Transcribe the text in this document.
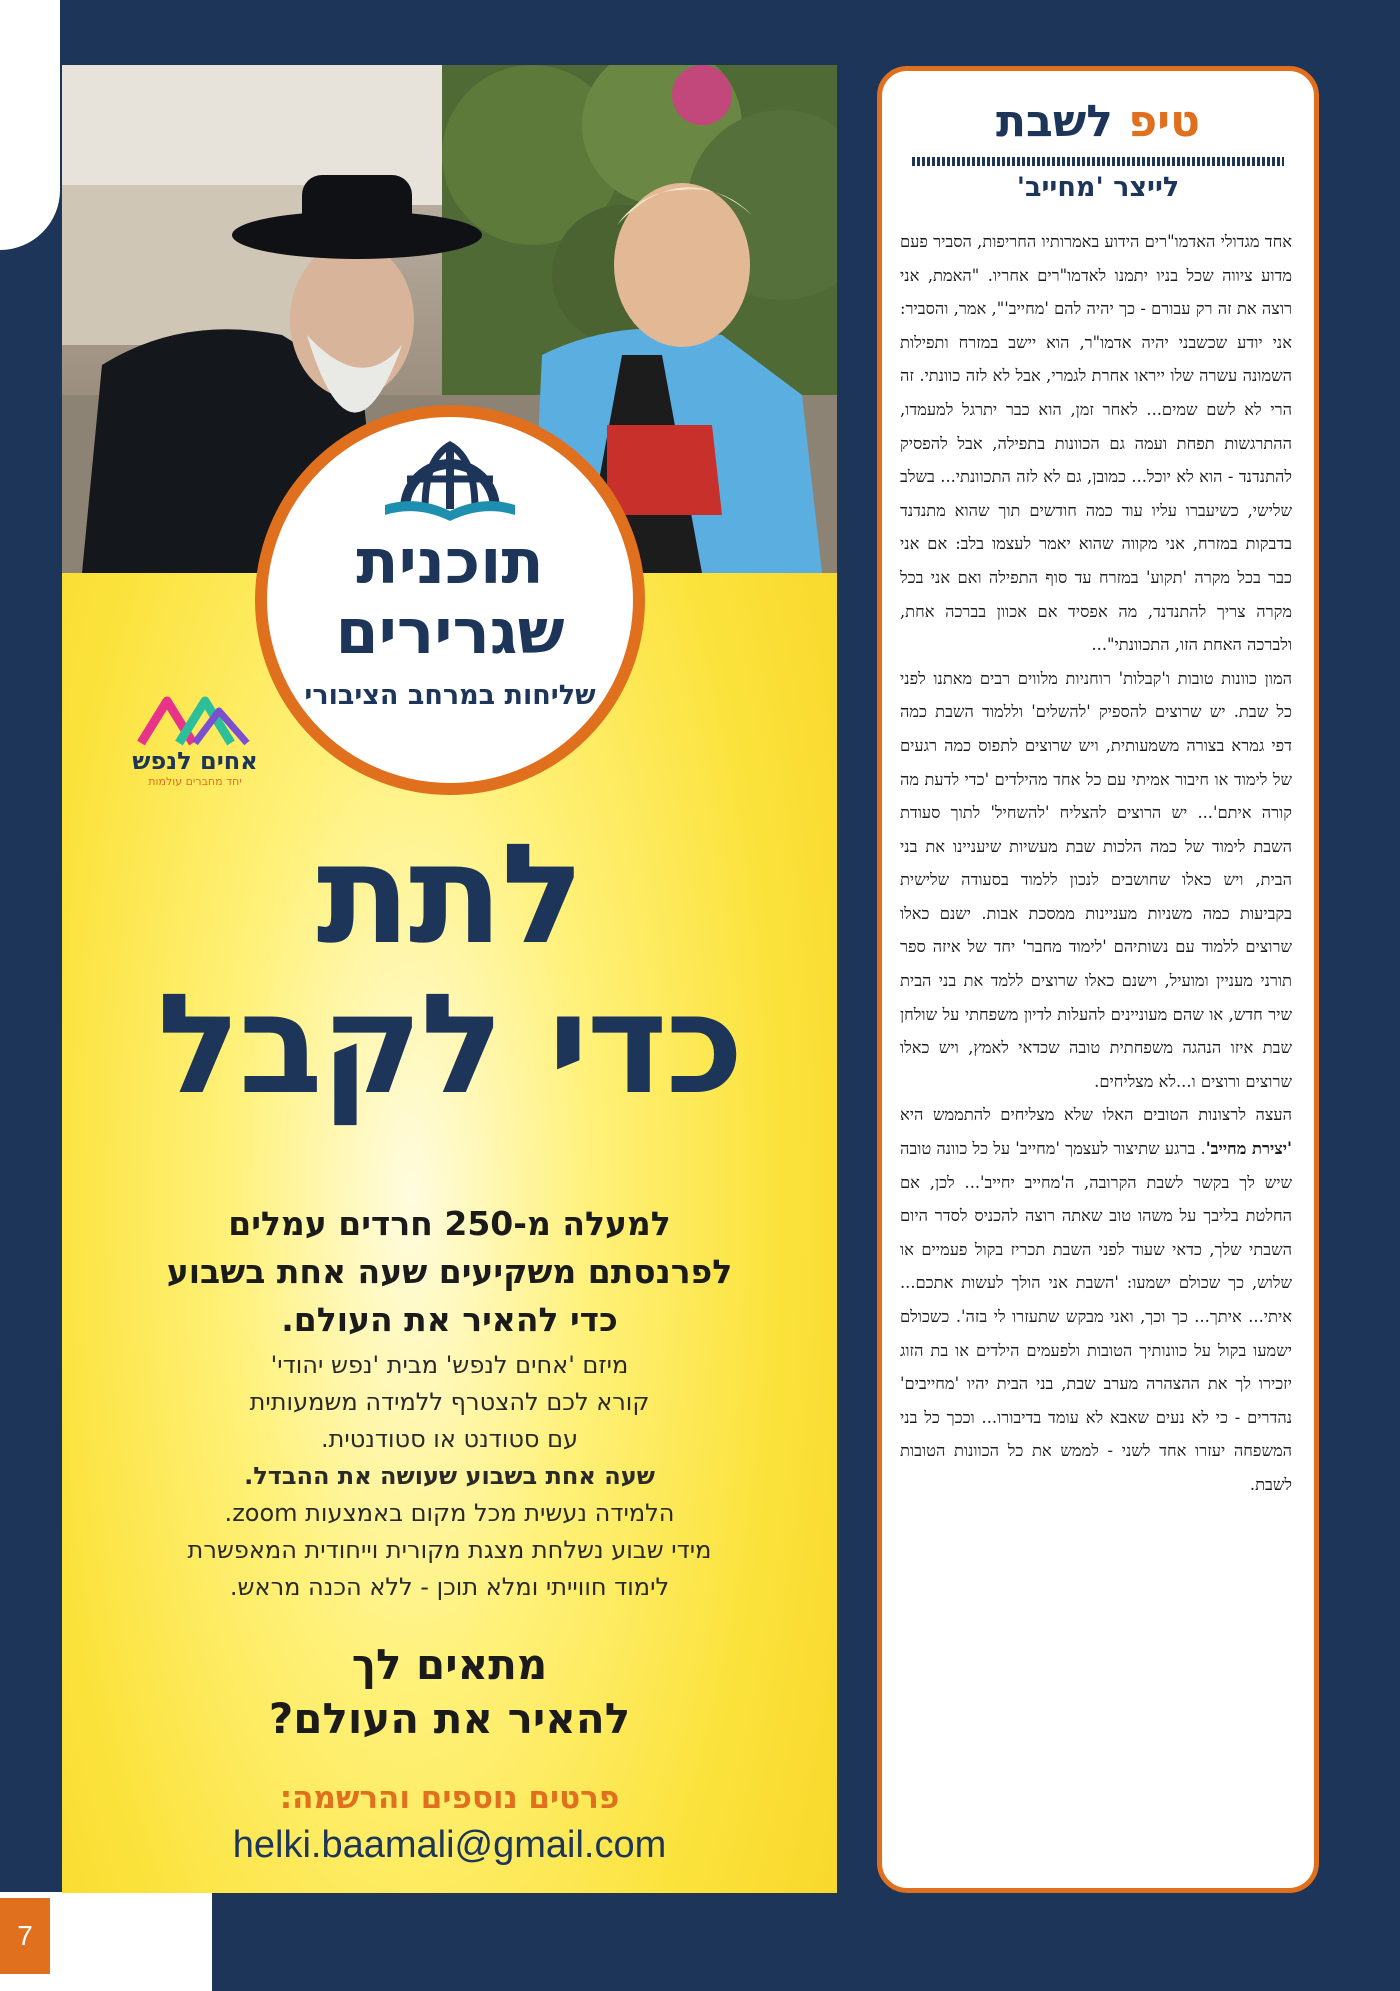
7
תוכנית
שגרירים
שליחות במרחב הציבורי
אחים לנפש
יחד מחברים עולמות
לתת
כדי לקבל
למעלה מ-250 חרדים עמלים
לפרנסתם משקיעים שעה אחת בשבוע
כדי להאיר את העולם.
מיזם 'אחים לנפש' מבית 'נפש יהודי'
קורא לכם להצטרף ללמידה משמעותית
עם סטודנט או סטודנטית.
שעה אחת בשבוע שעושה את ההבדל.
הלמידה נעשית מכל מקום באמצעות zoom.
מידי שבוע נשלחת מצגת מקורית וייחודית המאפשרת
לימוד חווייתי ומלא תוכן - ללא הכנה מראש.
מתאים לך
להאיר את העולם?
פרטים נוספים והרשמה:
helki.baamali@gmail.com
טיפ לשבת
לייצר 'מחייב'

אחד מגדולי האדמו"רים הידוע באמרותיו החריפות, הסביר פעם מדוע ציווה שכל בניו יתמנו לאדמו"רים אחריו. "האמת, אני רוצה את זה רק עבורם - כך יהיה להם 'מחייב'", אמר, והסביר: אני יודע שכשבני יהיה אדמו"ר, הוא יישב במזרח ותפילות השמונה עשרה שלו ייראו אחרת לגמרי, אבל לא לזה כוונתי. זה הרי לא לשם שמים... לאחר זמן, הוא כבר יתרגל למעמדו, ההתרגשות תפחת ועמה גם הכוונות בתפילה, אבל להפסיק להתנדנד - הוא לא יוכל... כמובן, גם לא לזה התכוונתי... בשלב שלישי, כשיעברו עליו עוד כמה חודשים תוך שהוא מתנדנד בדבקות במזרח, אני מקווה שהוא יאמר לעצמו בלב: אם אני כבר בכל מקרה 'תקוע' במזרח עד סוף התפילה ואם אני בכל מקרה צריך להתנדנד, מה אפסיד אם אכוון בברכה אחת, ולברכה האחת הזו, התכוונתי"...

המון כוונות טובות ו'קבלות' רוחניות מלווים רבים מאתנו לפני כל שבת. יש שרוצים להספיק 'להשלים' וללמוד השבת כמה דפי גמרא בצורה משמעותית, ויש שרוצים לתפוס כמה רגעים של לימוד או חיבור אמיתי עם כל אחד מהילדים 'כדי לדעת מה קורה איתם'... יש הרוצים להצליח 'להשחיל' לתוך סעודת השבת לימוד של כמה הלכות שבת מעשיות שיעניינו את בני הבית, ויש כאלו שחושבים לנכון ללמוד בסעודה שלישית בקביעות כמה משניות מעניינות ממסכת אבות. ישנם כאלו שרוצים ללמוד עם נשותיהם 'לימוד מחבר' יחד של איזה ספר תורני מעניין ומועיל, וישנם כאלו שרוצים ללמד את בני הבית שיר חדש, או שהם מעוניינים להעלות לדיון משפחתי על שולחן שבת איזו הנהגה משפחתית טובה שכדאי לאמץ, ויש כאלו שרוצים ורוצים ו...לא מצליחים.

העצה לרצונות הטובים האלו שלא מצליחים להתממש היא 'יצירת מחייב'. ברגע שתיצור לעצמך 'מחייב' על כל כוונה טובה שיש לך בקשר לשבת הקרובה, ה'מחייב יחייב'... לכן, אם החלטת בליבך על משהו טוב שאתה רוצה להכניס לסדר היום השבתי שלך, כדאי שעוד לפני השבת תכריז בקול פעמיים או שלוש, כך שכולם ישמעו: 'השבת אני הולך לעשות אתכם... איתי... איתך... כך וכך, ואני מבקש שתעזרו לי בזה'. כשכולם ישמעו בקול על כוונותיך הטובות ולפעמים הילדים או בת הזוג יזכירו לך את ההצהרה מערב שבת, בני הבית יהיו 'מחייבים' נהדרים - כי לא נעים שאבא לא עומד בדיבורו... וככך כל בני המשפחה יעזרו אחד לשני - לממש את כל הכוונות הטובות לשבת.
